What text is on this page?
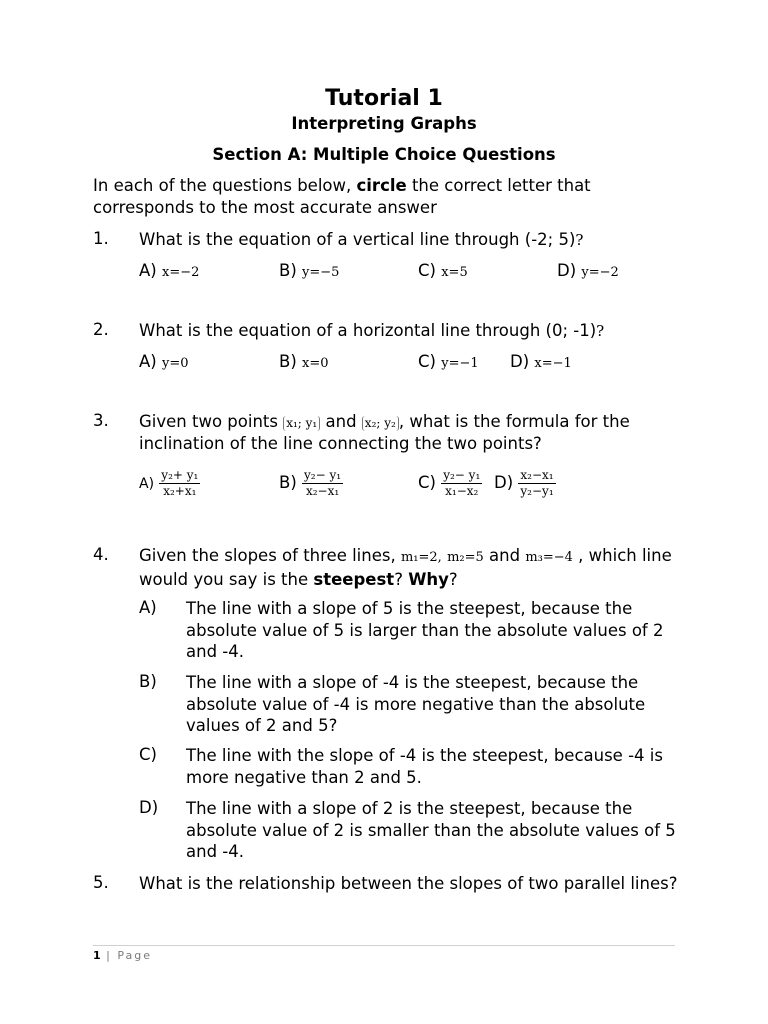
Tutorial 1
Interpreting Graphs
Section A: Multiple Choice Questions
In each of the questions below, circle the correct letter that corresponds to the most accurate answer
1. What is the equation of a vertical line through (-2; 5)?
A) x=−2	B) y=−5	C) x=5	D) y=−2
2. What is the equation of a horizontal line through (0; -1)?
A) y=0	B) x=0	C) y=−1 D) x=−1
3. Given two points x₁; y₁ and x₂; y₂ , what is the formula for the inclination of the line connecting the two points?
$A) \frac{\text{y₂+ y₁}}{\text{x₂+x₁}}$	$B) \frac{\text{y₂− y₁}}{\text{x₂−x₁}}$	$C) \frac{\text{y₂− y₁}}{\text{x₁−x₂}} D) \frac{\text{x₂−x₁}}{\text{y₂−y₁}}$
4. Given the slopes of three lines, m₁=2, m₂=5 and m₃=−4 , which line would you say is the steepest? Why?
A) The line with a slope of 5 is the steepest, because the absolute value of 5 is larger than the absolute values of 2 and -4.
B) The line with a slope of -4 is the steepest, because the absolute value of -4 is more negative than the absolute values of 2 and 5?
C) The line with the slope of -4 is the steepest, because -4 is more negative than 2 and 5.
D) The line with a slope of 2 is the steepest, because the absolute value of 2 is smaller than the absolute values of 5 and -4.
5. What is the relationship between the slopes of two parallel lines?
1 | Page
